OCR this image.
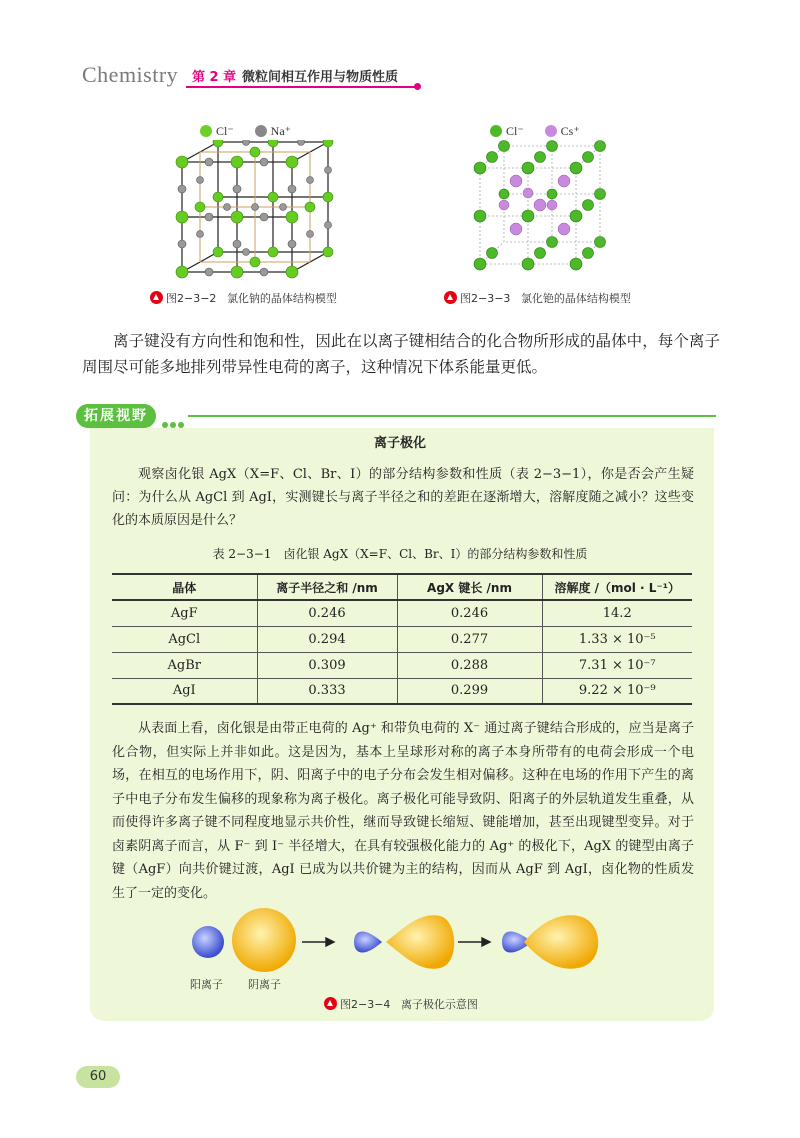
Chemistry 第 2 章 微粒间相互作用与物质性质
Cl⁻	Na⁺
图2−3−2 氯化钠的晶体结构模型
Cl⁻	Cs⁺
图2−3−3 氯化铯的晶体结构模型

离子键没有方向性和饱和性，因此在以离子键相结合的化合物所形成的晶体中，每个离子周围尽可能多地排列带异性电荷的离子，这种情况下体系能量更低。

拓展视野
离子极化

观察卤化银 AgX（X=F、Cl、Br、I）的部分结构参数和性质（表 2−3−1），你是否会产生疑问：为什么从 AgCl 到 AgI，实测键长与离子半径之和的差距在逐渐增大，溶解度随之减小？这些变化的本质原因是什么？

表 2−3−1　卤化银 AgX（X=F、Cl、Br、I）的部分结构参数和性质
晶体	离子半径之和 /nm	AgX 键长 /nm	溶解度 /（mol · L⁻¹）
AgF	0.246	0.246	14.2
AgCl	0.294	0.277	1.33 × 10⁻⁵
AgBr	0.309	0.288	7.31 × 10⁻⁷
AgI	0.333	0.299	9.22 × 10⁻⁹

从表面上看，卤化银是由带正电荷的 Ag⁺ 和带负电荷的 X⁻ 通过离子键结合形成的，应当是离子化合物，但实际上并非如此。这是因为，基本上呈球形对称的离子本身所带有的电荷会形成一个电场，在相互的电场作用下，阴、阳离子中的电子分布会发生相对偏移。这种在电场的作用下产生的离子中电子分布发生偏移的现象称为离子极化。离子极化可能导致阴、阳离子的外层轨道发生重叠，从而使得许多离子键不同程度地显示共价性，继而导致键长缩短、键能增加，甚至出现键型变异。对于卤素阴离子而言，从 F⁻ 到 I⁻ 半径增大，在具有较强极化能力的 Ag⁺ 的极化下，AgX 的键型由离子键（AgF）向共价键过渡，AgI 已成为以共价键为主的结构，因而从 AgF 到 AgI，卤化物的性质发生了一定的变化。

阳离子 阴离子
图2−3−4 离子极化示意图
60
